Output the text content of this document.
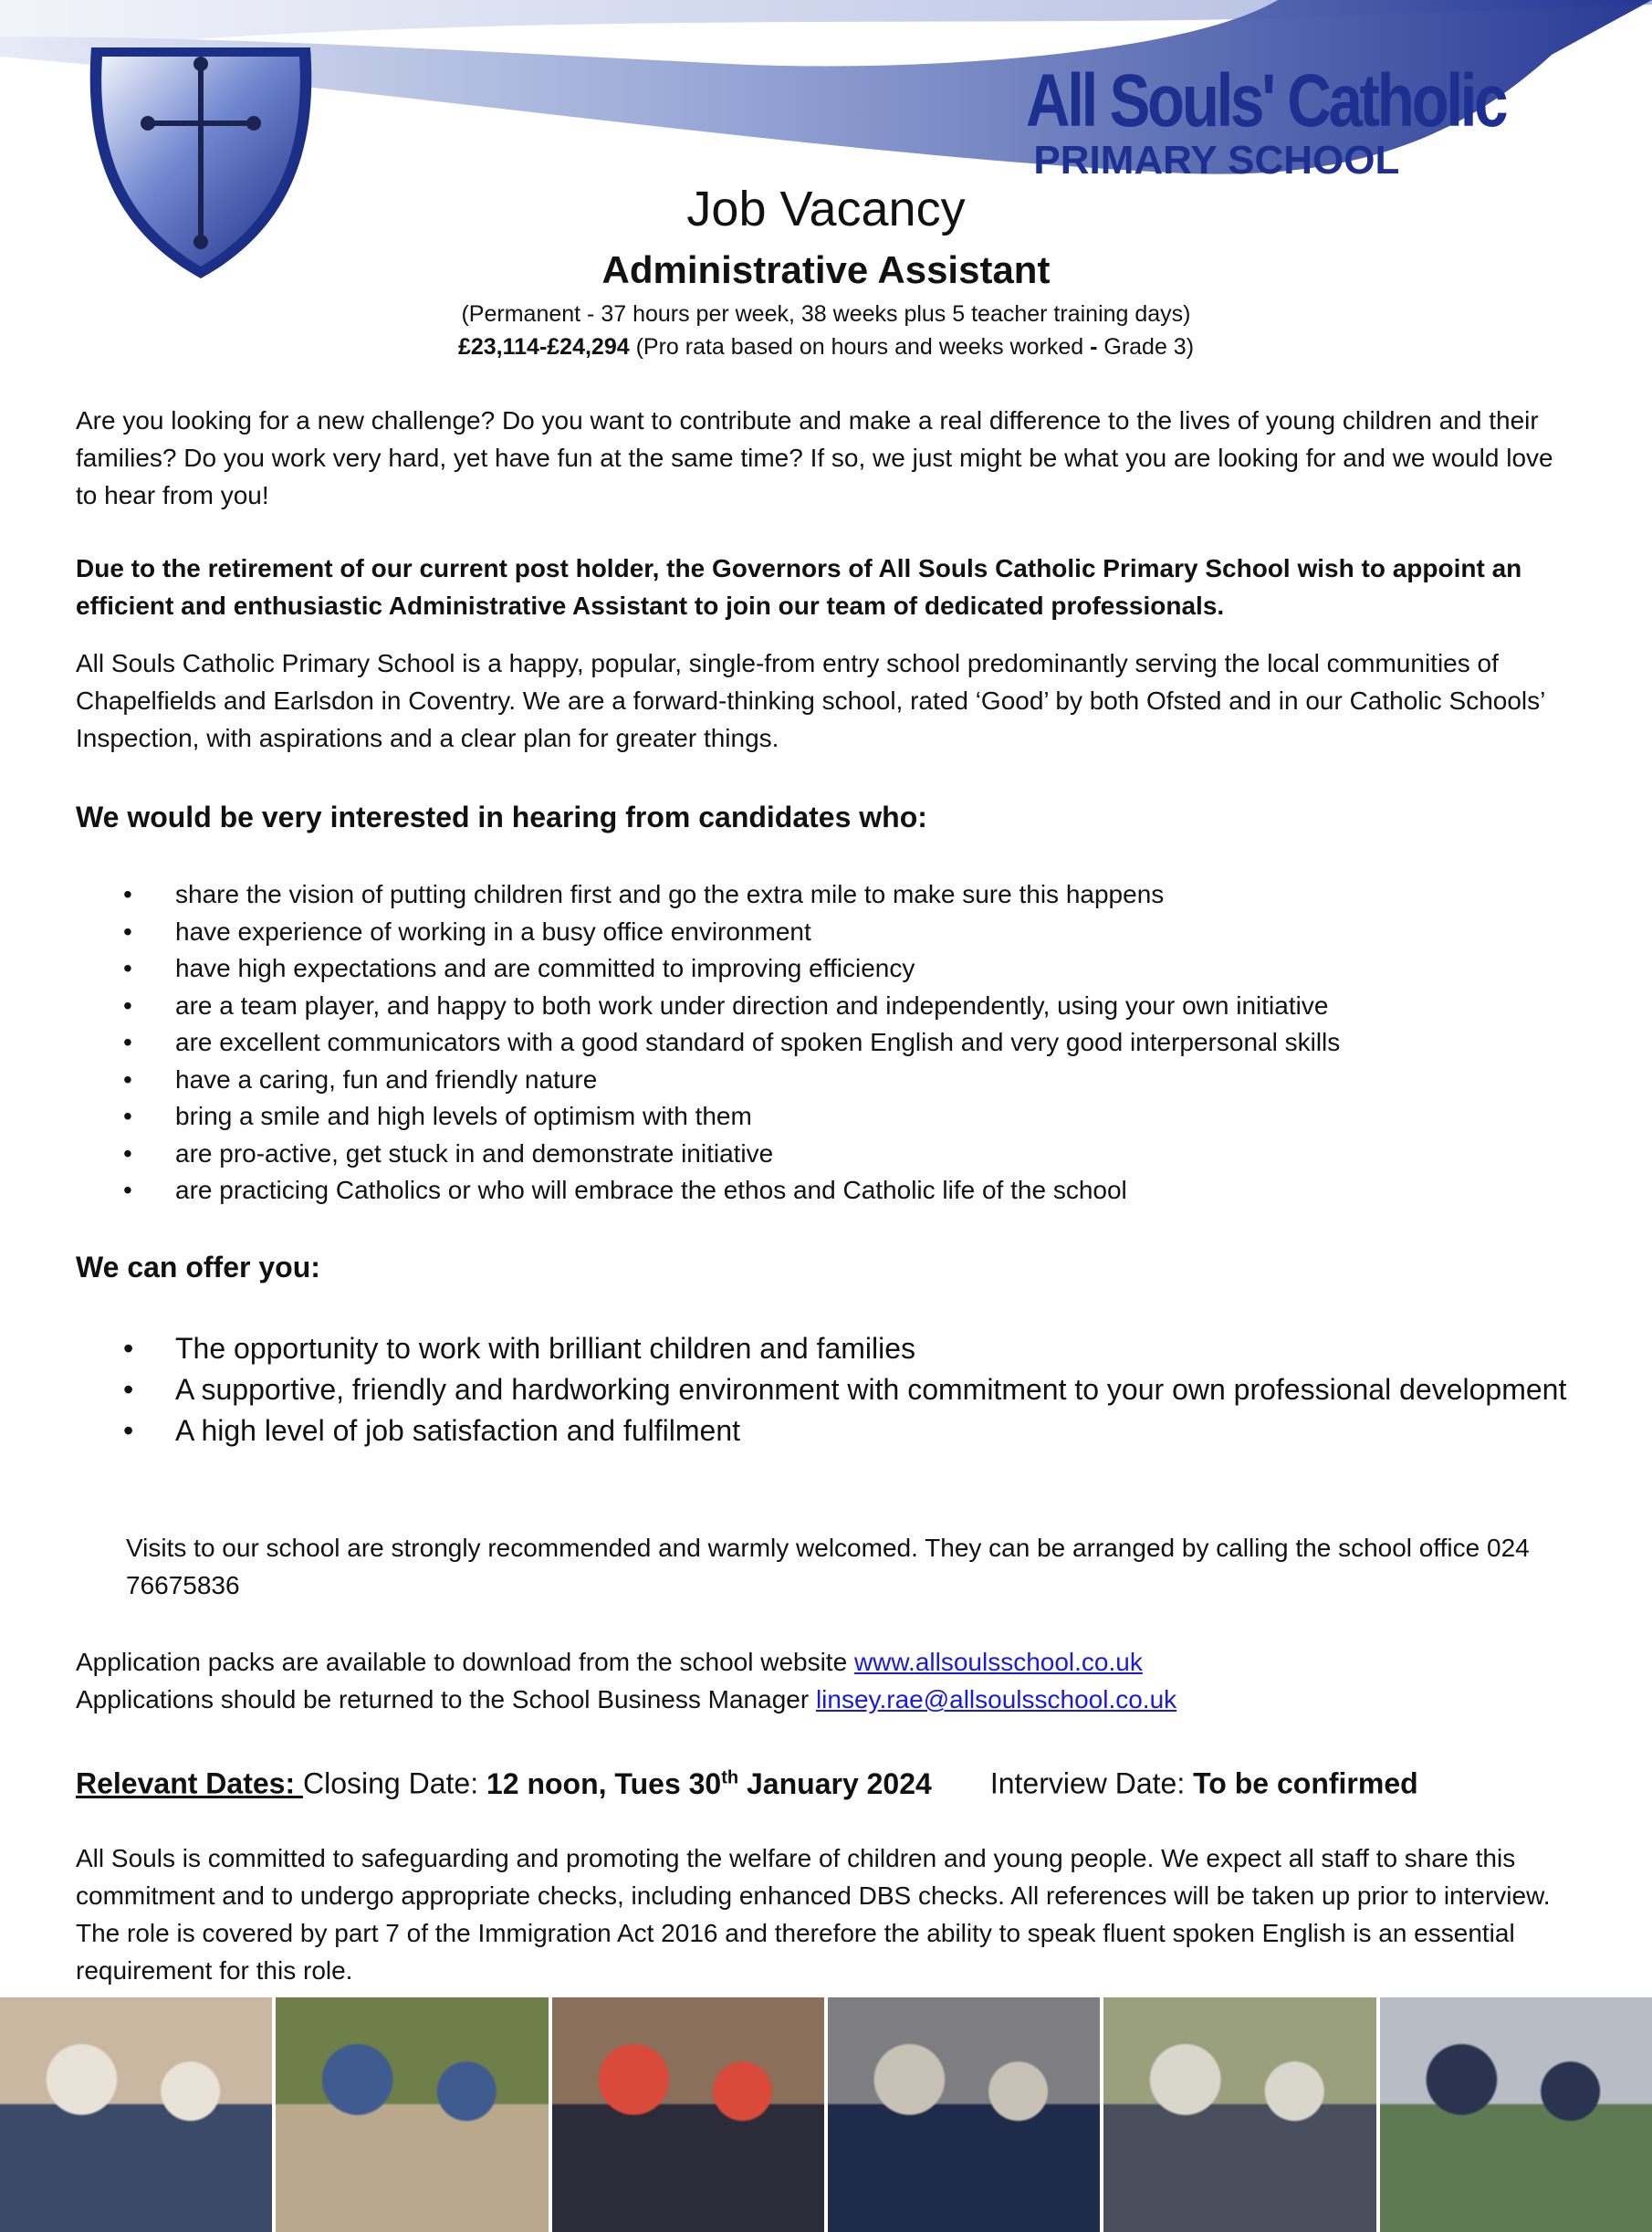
All Souls' Catholic
PRIMARY SCHOOL
Job Vacancy
Administrative Assistant
(Permanent - 37 hours per week, 38 weeks plus 5 teacher training days)
£23,114-£24,294 (Pro rata based on hours and weeks worked - Grade 3)
Are you looking for a new challenge? Do you want to contribute and make a real difference to the lives of young children and their families? Do you work very hard, yet have fun at the same time? If so, we just might be what you are looking for and we would love to hear from you!
Due to the retirement of our current post holder, the Governors of All Souls Catholic Primary School wish to appoint an efficient and enthusiastic Administrative Assistant to join our team of dedicated professionals.
All Souls Catholic Primary School is a happy, popular, single-from entry school predominantly serving the local communities of Chapelfields and Earlsdon in Coventry. We are a forward-thinking school, rated ‘Good’ by both Ofsted and in our Catholic Schools’ Inspection, with aspirations and a clear plan for greater things.
We would be very interested in hearing from candidates who:
• share the vision of putting children first and go the extra mile to make sure this happens
• have experience of working in a busy office environment
• have high expectations and are committed to improving efficiency
• are a team player, and happy to both work under direction and independently, using your own initiative
• are excellent communicators with a good standard of spoken English and very good interpersonal skills
• have a caring, fun and friendly nature
• bring a smile and high levels of optimism with them
• are pro-active, get stuck in and demonstrate initiative
• are practicing Catholics or who will embrace the ethos and Catholic life of the school
We can offer you:
• The opportunity to work with brilliant children and families
• A supportive, friendly and hardworking environment with commitment to your own professional development
• A high level of job satisfaction and fulfilment
Visits to our school are strongly recommended and warmly welcomed. They can be arranged by calling the school office 024 76675836
Application packs are available to download from the school website www.allsoulsschool.co.uk
Applications should be returned to the School Business Manager linsey.rae@allsoulsschool.co.uk
Relevant Dates: Closing Date: 12 noon, Tues 30th January 2024 Interview Date: To be confirmed
All Souls is committed to safeguarding and promoting the welfare of children and young people. We expect all staff to share this commitment and to undergo appropriate checks, including enhanced DBS checks. All references will be taken up prior to interview. The role is covered by part 7 of the Immigration Act 2016 and therefore the ability to speak fluent spoken English is an essential requirement for this role.
